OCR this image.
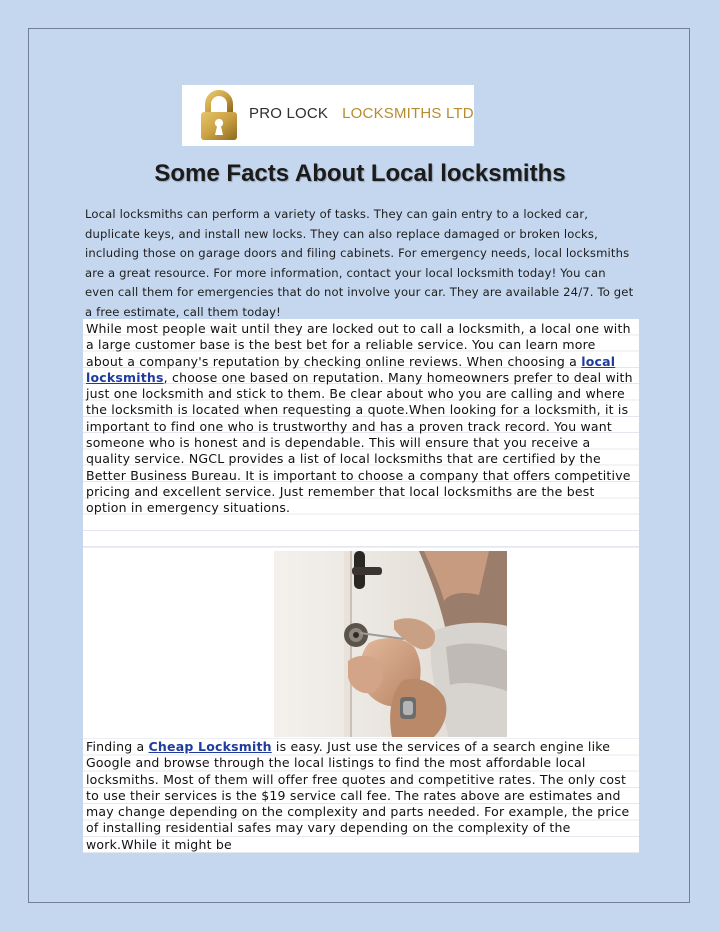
PRO LOCK LOCKSMITHS LTD
Some Facts About Local locksmiths
Local locksmiths can perform a variety of tasks. They can gain entry to a locked car, duplicate keys, and install new locks. They can also replace damaged or broken locks, including those on garage doors and filing cabinets. For emergency needs, local locksmiths are a great resource. For more information, contact your local locksmith today! You can even call them for emergencies that do not involve your car. They are available 24/7. To get a free estimate, call them today!

While most people wait until they are locked out to call a locksmith, a local one with a large customer base is the best bet for a reliable service. You can learn more about a company's reputation by checking online reviews. When choosing a local locksmiths, choose one based on reputation. Many homeowners prefer to deal with just one locksmith and stick to them. Be clear about who you are calling and where the locksmith is located when requesting a quote.When looking for a locksmith, it is important to find one who is trustworthy and has a proven track record. You want someone who is honest and is dependable. This will ensure that you receive a quality service. NGCL provides a list of local locksmiths that are certified by the Better Business Bureau. It is important to choose a company that offers competitive pricing and excellent service. Just remember that local locksmiths are the best option in emergency situations.

Finding a Cheap Locksmith is easy. Just use the services of a search engine like Google and browse through the local listings to find the most affordable local locksmiths. Most of them will offer free quotes and competitive rates. The only cost to use their services is the $19 service call fee. The rates above are estimates and may change depending on the complexity and parts needed. For example, the price of installing residential safes may vary depending on the complexity of the work.While it might be
